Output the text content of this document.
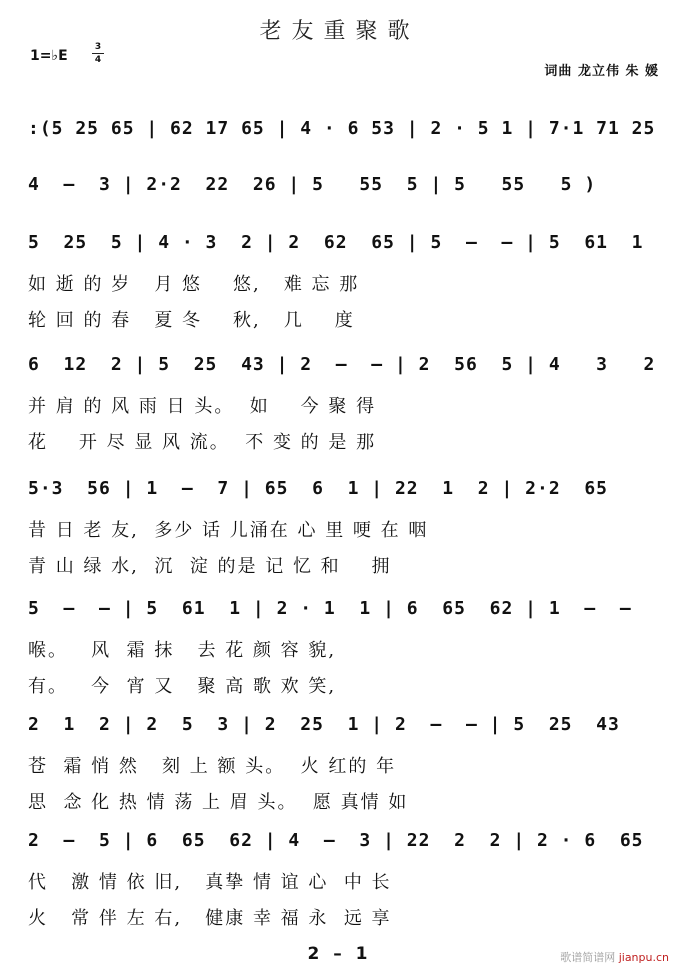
老友重聚歌
1=♭E
3
4
词曲 龙立伟 朱 媛
:(5 25 65 | 62 17 65 | 4 · 6 53 | 2 · 5 1 | 7·1 71 25
4  –  3 | 2·2  22  26 | 5   55  5 | 5   55   5 )
5  25  5 | 4 · 3  2 | 2  62  65 | 5  –  – | 5  61  1
如 逝 的 岁   月 悠    悠,   难 忘 那
轮 回 的 春   夏 冬    秋,   几    度
6  12  2 | 5  25  43 | 2  –  – | 2  56  5 | 4   3   2
并 肩 的 风 雨 日 头。  如    今 聚 得
花    开 尽 显 风 流。  不 变 的 是 那
5·3  56 | 1  –  7 | 65  6  1 | 22  1  2 | 2·2  65
昔 日 老 友,  多少 话 儿涌在 心 里 哽 在 咽
青 山 绿 水,  沉  淀 的是 记 忆 和    拥
5  –  – | 5  61  1 | 2 · 1  1 | 6  65  62 | 1  –  –
喉。   风  霜 抹   去 花 颜 容 貌,
有。   今  宵 又   聚 高 歌 欢 笑,
2  1  2 | 2  5  3 | 2  25  1 | 2  –  – | 5  25  43
苍  霜 悄 然   刻 上 额 头。  火 红的 年
思  念 化 热 情 荡 上 眉 头。  愿 真情 如
2  –  5 | 6  65  62 | 4  –  3 | 22  2  2 | 2 · 6  65
代   激 情 依 旧,   真挚 情 谊 心  中 长
火   常 伴 左 右,   健康 幸 福 永  远 享
2 – 1	歌谱简谱网 jianpu.cn
